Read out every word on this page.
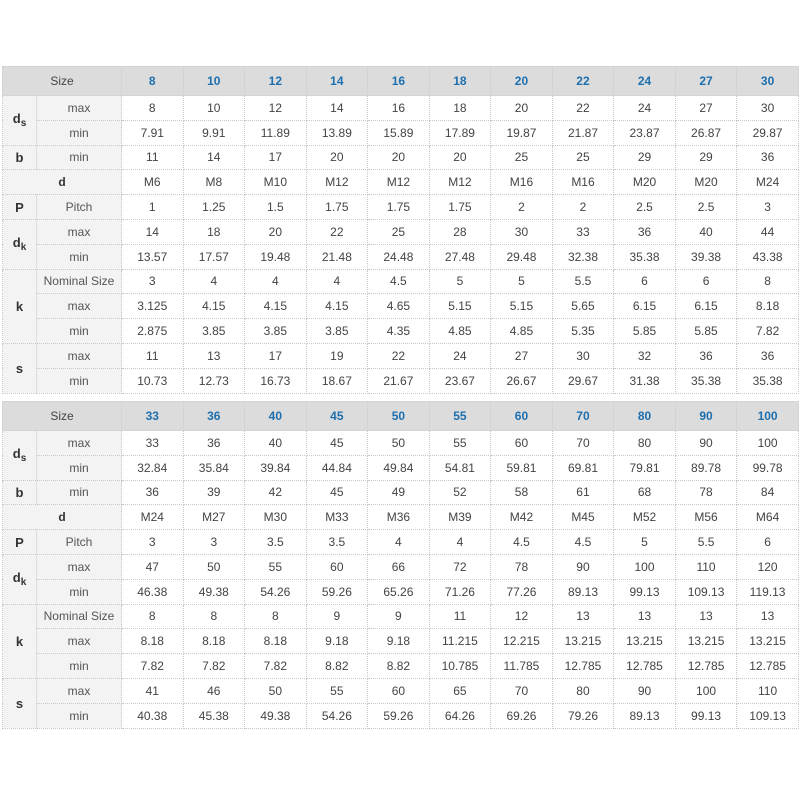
Size		8	10	12	14	16	18	20	22	24	27	30
$d_s$	max	8	10	12	14	16	18	20	22	24	27	30
	min	7.91	9.91	11.89	13.89	15.89	17.89	19.87	21.87	23.87	26.87	29.87
b	min	11	14	17	20	20	20	25	25	29	29	36
d		M6	M8	M10	M12	M12	M12	M16	M16	M20	M20	M24
P	Pitch	1	1.25	1.5	1.75	1.75	1.75	2	2	2.5	2.5	3
$d_k$	max	14	18	20	22	25	28	30	33	36	40	44
	min	13.57	17.57	19.48	21.48	24.48	27.48	29.48	32.38	35.38	39.38	43.38
k	Nominal Size	3	4	4	4	4.5	5	5	5.5	6	6	8
	max	3.125	4.15	4.15	4.15	4.65	5.15	5.15	5.65	6.15	6.15	8.18
	min	2.875	3.85	3.85	3.85	4.35	4.85	4.85	5.35	5.85	5.85	7.82
s	max	11	13	17	19	22	24	27	30	32	36	36
	min	10.73	12.73	16.73	18.67	21.67	23.67	26.67	29.67	31.38	35.38	35.38
Size		33	36	40	45	50	55	60	70	80	90	100
$d_s$	max	33	36	40	45	50	55	60	70	80	90	100
	min	32.84	35.84	39.84	44.84	49.84	54.81	59.81	69.81	79.81	89.78	99.78
b	min	36	39	42	45	49	52	58	61	68	78	84
d		M24	M27	M30	M33	M36	M39	M42	M45	M52	M56	M64
P	Pitch	3	3	3.5	3.5	4	4	4.5	4.5	5	5.5	6
$d_k$	max	47	50	55	60	66	72	78	90	100	110	120
	min	46.38	49.38	54.26	59.26	65.26	71.26	77.26	89.13	99.13	109.13	119.13
k	Nominal Size	8	8	8	9	9	11	12	13	13	13	13
	max	8.18	8.18	8.18	9.18	9.18	11.215	12.215	13.215	13.215	13.215	13.215
	min	7.82	7.82	7.82	8.82	8.82	10.785	11.785	12.785	12.785	12.785	12.785
s	max	41	46	50	55	60	65	70	80	90	100	110
	min	40.38	45.38	49.38	54.26	59.26	64.26	69.26	79.26	89.13	99.13	109.13
